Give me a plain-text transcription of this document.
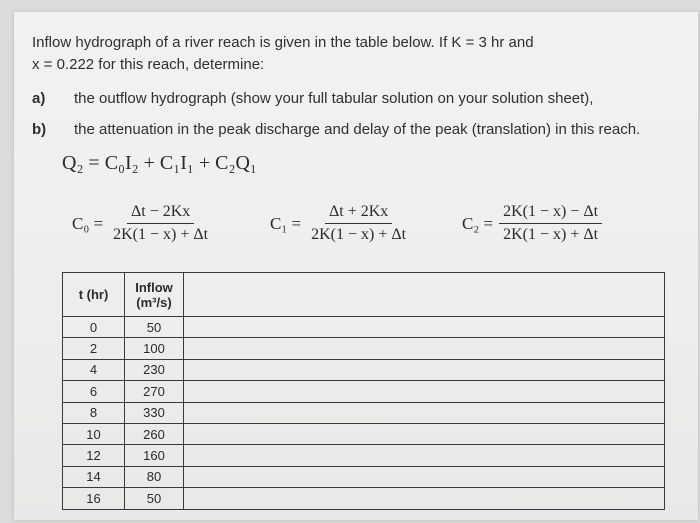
Inflow hydrograph of a river reach is given in the table below. If K = 3 hr and
x = 0.222 for this reach, determine:
a) the outflow hydrograph (show your full tabular solution on your solution sheet),
b) the attenuation in the peak discharge and delay of the peak (translation) in this reach.
Q₂ = C₀I₂ + C₁I₁ + C₂Q₁
$C_0 = \frac{\Delta t - 2Kx}{2K(1 - x) + \Delta t}$	$C_1 = \frac{\Delta t + 2Kx}{2K(1 - x) + \Delta t}$	$C_2 = \frac{2K(1 - x) - \Delta t}{2K(1 - x) + \Delta t}$
t (hr)	Inflow
(m³/s)	

0	50	
2	100	
4	230	
6	270	
8	330	
10	260	
12	160	
14	80	
16	50	
